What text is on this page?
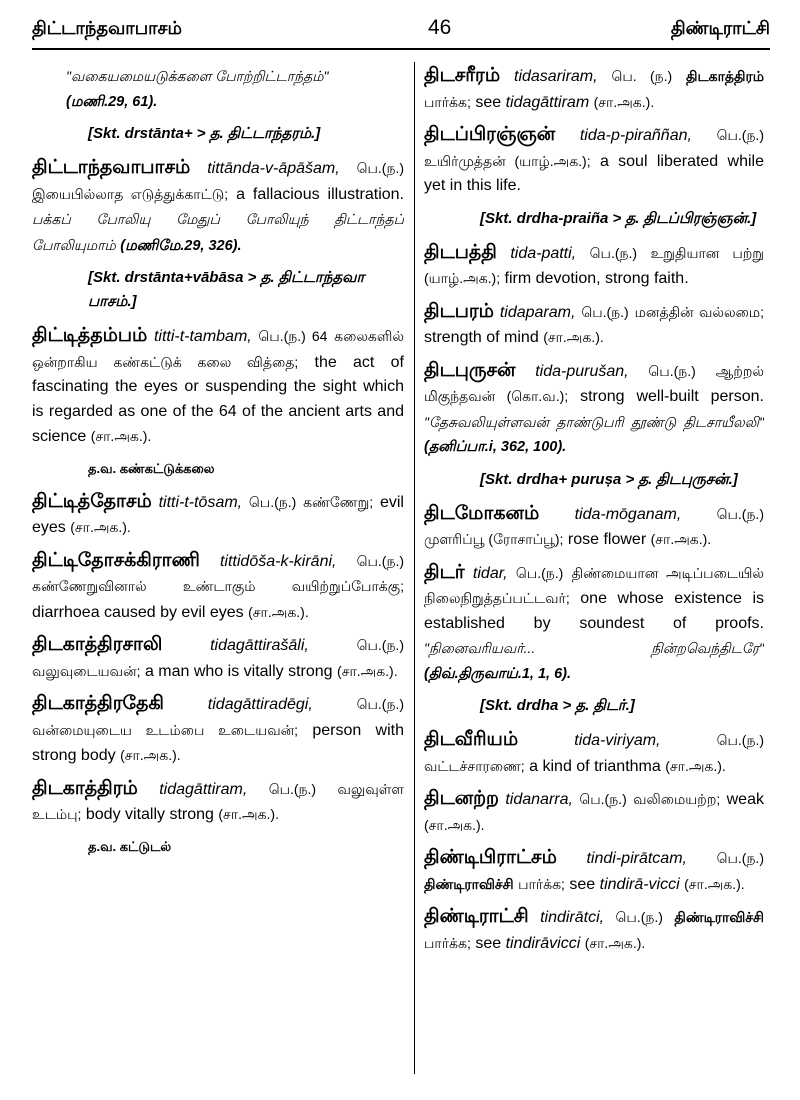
திட்டாந்தவாபாசம்	46	திண்டிராட்சி
"வகையமையடுக்களை போற்றிட்டாந்தம்"
(மணி.29, 61).
[Skt. drstānta+ > த. திட்டாந்தரம்.]
திட்டாந்தவாபாசம் tittānda-v-āpāšam, பெ.(ந.) இயைபில்லாத எடுத்துக்காட்டு; a fallacious illustration. பக்கப் போலியு மேதுப் போலியுந் திட்டாந்தப் போலியுமாம் (மணிமே.29, 326).
[Skt. drstānta+vābāsa > த. திட்டாந்தவா பாசம்.]
திட்டித்தம்பம் titti-t-tambam, பெ.(ந.) 64 கலைகளில் ஒன்றாகிய கண்கட்டுக் கலை வித்தை; the act of fascinating the eyes or suspending the sight which is regarded as one of the 64 of the ancient arts and science (சா.அக.).
த.வ. கண்கட்டுக்கலை
திட்டித்தோசம் titti-t-tōsam, பெ.(ந.) கண்ணேறு; evil eyes (சா.அக.).
திட்டிதோசக்கிராணி tittidōša-k-kirāni, பெ.(ந.) கண்ணேறுவினால் உண்டாகும் வயிற்றுப்போக்கு; diarrhoea caused by evil eyes (சா.அக.).
திடகாத்திரசாலி	tidagāttirašāli,	பெ.(ந.) வலுவுடையவன்; a man who is vitally strong (சா.அக.).
திடகாத்திரதேகி	tidagāttiradēgi,	பெ.(ந.) வன்மையுடைய உடம்பை உடையவன்; person with strong body (சா.அக.).
திடகாத்திரம் tidagāttiram, பெ.(ந.) வலுவுள்ள உடம்பு; body vitally strong (சா.அக.).
த.வ. கட்டுடல்
திடசரீரம் tidasariram, பெ. (ந.) திடகாத்திரம் பார்க்க; see tidagāttiram (சா.அக.).
திடப்பிரஞ்ஞன் tida-p-piraññan, பெ.(ந.) உயிர்முத்தன் (யாழ்.அக.); a soul liberated while yet in this life.
[Skt. drdha-praiña > த. திடப்பிரஞ்ஞன்.]
திடபத்தி tida-patti, பெ.(ந.) உறுதியான பற்று (யாழ்.அக.); firm devotion, strong faith.
திடபரம் tidaparam, பெ.(ந.) மனத்தின் வல்லமை; strength of mind (சா.அக.).
திடபுருசன் tida-purušan, பெ.(ந.) ஆற்றல் மிகுந்தவன் (கொ.வ.); strong well-built person. "தேசுவலியுள்ளவன் தாண்டுபரி தூண்டு திடசாயீலலி" (தனிப்பா.i, 362, 100).
[Skt. drdha+ purușa > த. திடபுருசன்.]
திடமோகனம் tida-mōganam,	பெ.(ந.) முளரிப்பூ (ரோசாப்பூ); rose flower (சா.அக.).
திடர் tidar, பெ.(ந.) திண்மையான அடிப்படையில் நிலைநிறுத்தப்பட்டவர்; one whose existence is established by soundest of proofs. "நினைவரியவர்... நின்றவெந்திடரே" (திவ்.திருவாய்.1, 1, 6).
[Skt. drdha > த. திடர்.]
திடவீரியம்	tida-viriyam,	பெ.(ந.) வட்டச்சாரணை; a kind of trianthma (சா.அக.).
திடனற்ற tidanarra, பெ.(ந.) வலிமையற்ற; weak (சா.அக.).
திண்டிபிராட்சம் tindi-pirātcam, பெ.(ந.) திண்டிராவிச்சி பார்க்க; see tindirā-vicci (சா.அக.).
திண்டிராட்சி tindirātci, பெ.(ந.) திண்டிராவிச்சி பார்க்க; see tindirāvicci (சா.அக.).
